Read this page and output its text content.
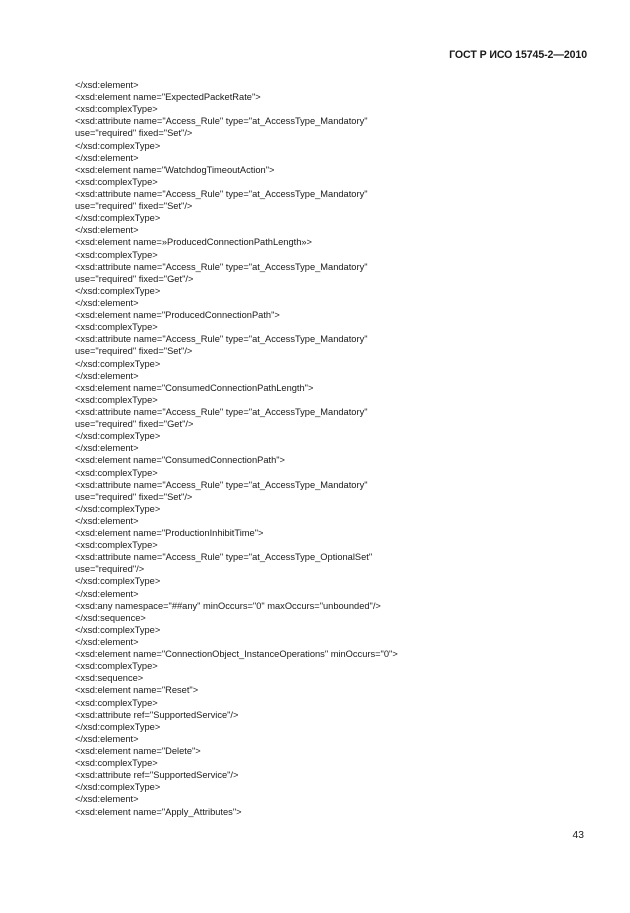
ГОСТ Р ИСО 15745-2—2010
</xsd:element>
<xsd:element name="ExpectedPacketRate">
<xsd:complexType>
<xsd:attribute name="Access_Rule" type="at_AccessType_Mandatory"
use="required" fixed="Set"/>
</xsd:complexType>
</xsd:element>
<xsd:element name="WatchdogTimeoutAction">
<xsd:complexType>
<xsd:attribute name="Access_Rule" type="at_AccessType_Mandatory"
use="required" fixed="Set"/>
</xsd:complexType>
</xsd:element>
<xsd:element name=»ProducedConnectionPathLength»>
<xsd:complexType>
<xsd:attribute name="Access_Rule" type="at_AccessType_Mandatory"
use="required" fixed="Get"/>
</xsd:complexType>
</xsd:element>
<xsd:element name="ProducedConnectionPath">
<xsd:complexType>
<xsd:attribute name="Access_Rule" type="at_AccessType_Mandatory"
use="required" fixed="Set"/>
</xsd:complexType>
</xsd:element>
<xsd:element name="ConsumedConnectionPathLength">
<xsd:complexType>
<xsd:attribute name="Access_Rule" type="at_AccessType_Mandatory"
use="required" fixed="Get"/>
</xsd:complexType>
</xsd:element>
<xsd:element name="ConsumedConnectionPath">
<xsd:complexType>
<xsd:attribute name="Access_Rule" type="at_AccessType_Mandatory"
use="required" fixed="Set"/>
</xsd:complexType>
</xsd:element>
<xsd:element name="ProductionInhibitTime">
<xsd:complexType>
<xsd:attribute name="Access_Rule" type="at_AccessType_OptionalSet"
use="required"/>
</xsd:complexType>
</xsd:element>
<xsd:any namespace="##any" minOccurs="0" maxOccurs="unbounded"/>
</xsd:sequence>
</xsd:complexType>
</xsd:element>
<xsd:element name="ConnectionObject_InstanceOperations" minOccurs="0">
<xsd:complexType>
<xsd:sequence>
<xsd:element name="Reset">
<xsd:complexType>
<xsd:attribute ref="SupportedService"/>
</xsd:complexType>
</xsd:element>
<xsd:element name="Delete">
<xsd:complexType>
<xsd:attribute ref="SupportedService"/>
</xsd:complexType>
</xsd:element>
<xsd:element name="Apply_Attributes">
43
